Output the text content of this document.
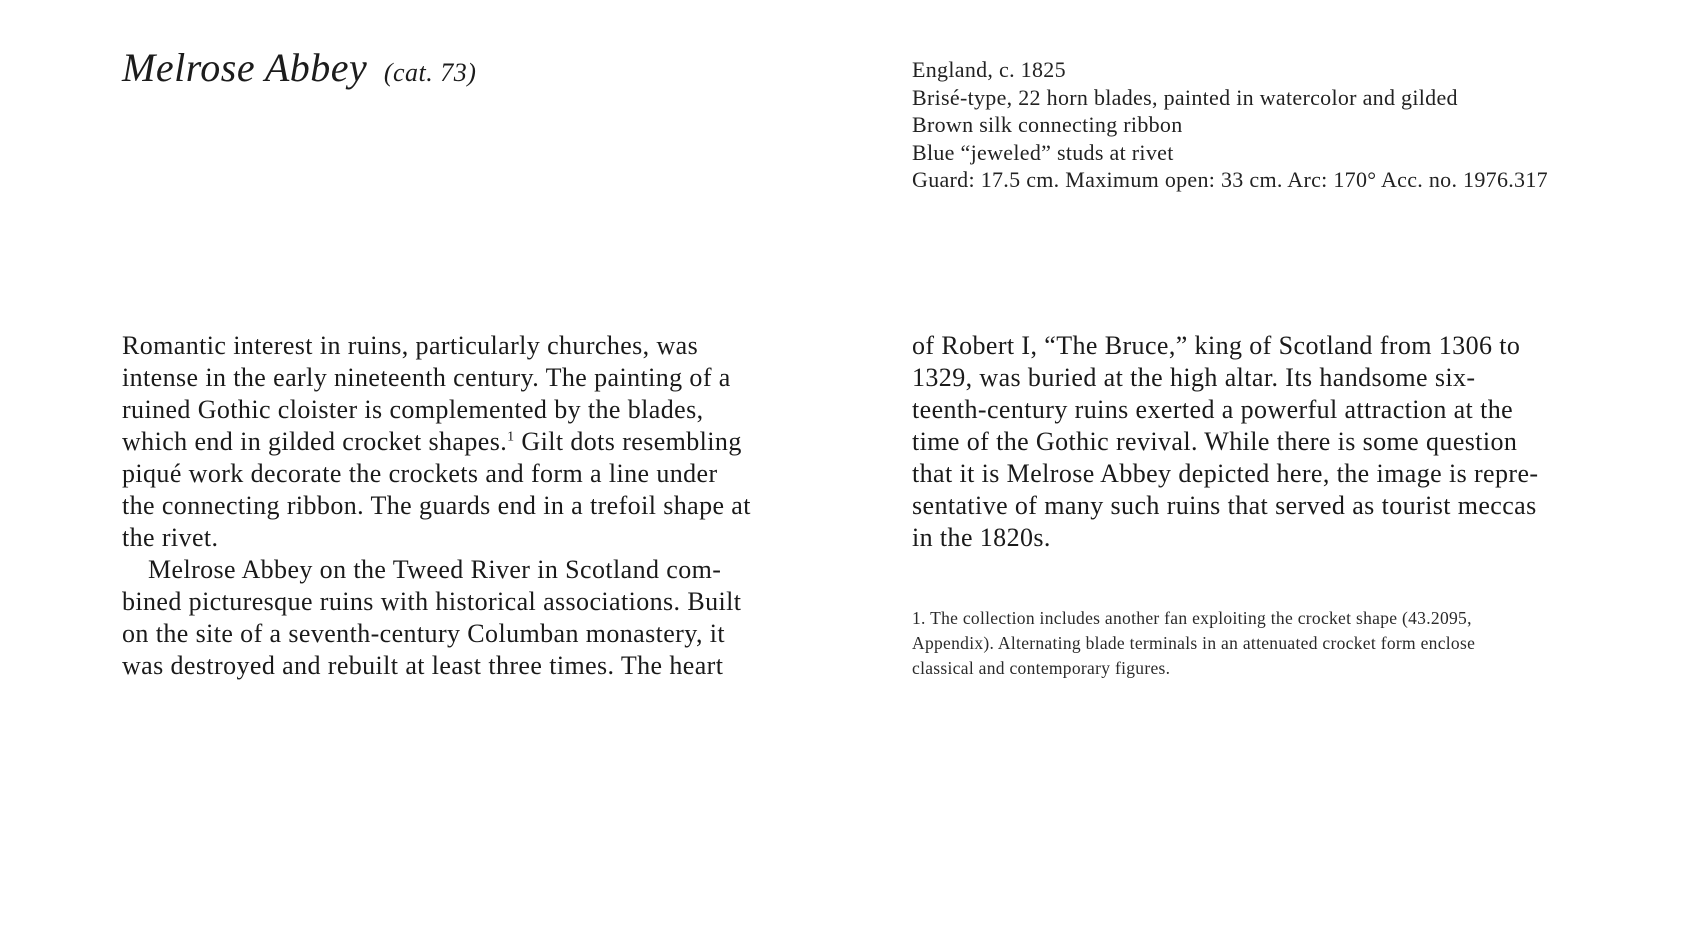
Melrose Abbey (cat. 73)	England, c. 1825
Brisé-type, 22 horn blades, painted in watercolor and gilded
Brown silk connecting ribbon
Blue “jeweled” studs at rivet
Guard: 17.5 cm. Maximum open: 33 cm. Arc: 170° Acc. no. 1976.317

Romantic interest in ruins, particularly churches, was
intense in the early nineteenth century. The painting of a
ruined Gothic cloister is complemented by the blades,
which end in gilded crocket shapes.$^1$ Gilt dots resembling
piqué work decorate the crockets and form a line under
the connecting ribbon. The guards end in a trefoil shape at
the rivet.

Melrose Abbey on the Tweed River in Scotland com-
bined picturesque ruins with historical associations. Built
on the site of a seventh-century Columban monastery, it
was destroyed and rebuilt at least three times. The heart

of Robert I, “The Bruce,” king of Scotland from 1306 to
1329, was buried at the high altar. Its handsome six-
teenth-century ruins exerted a powerful attraction at the
time of the Gothic revival. While there is some question
that it is Melrose Abbey depicted here, the image is repre-
sentative of many such ruins that served as tourist meccas
in the 1820s.

1. The collection includes another fan exploiting the crocket shape (43.2095,
Appendix). Alternating blade terminals in an attenuated crocket form enclose
classical and contemporary figures.
